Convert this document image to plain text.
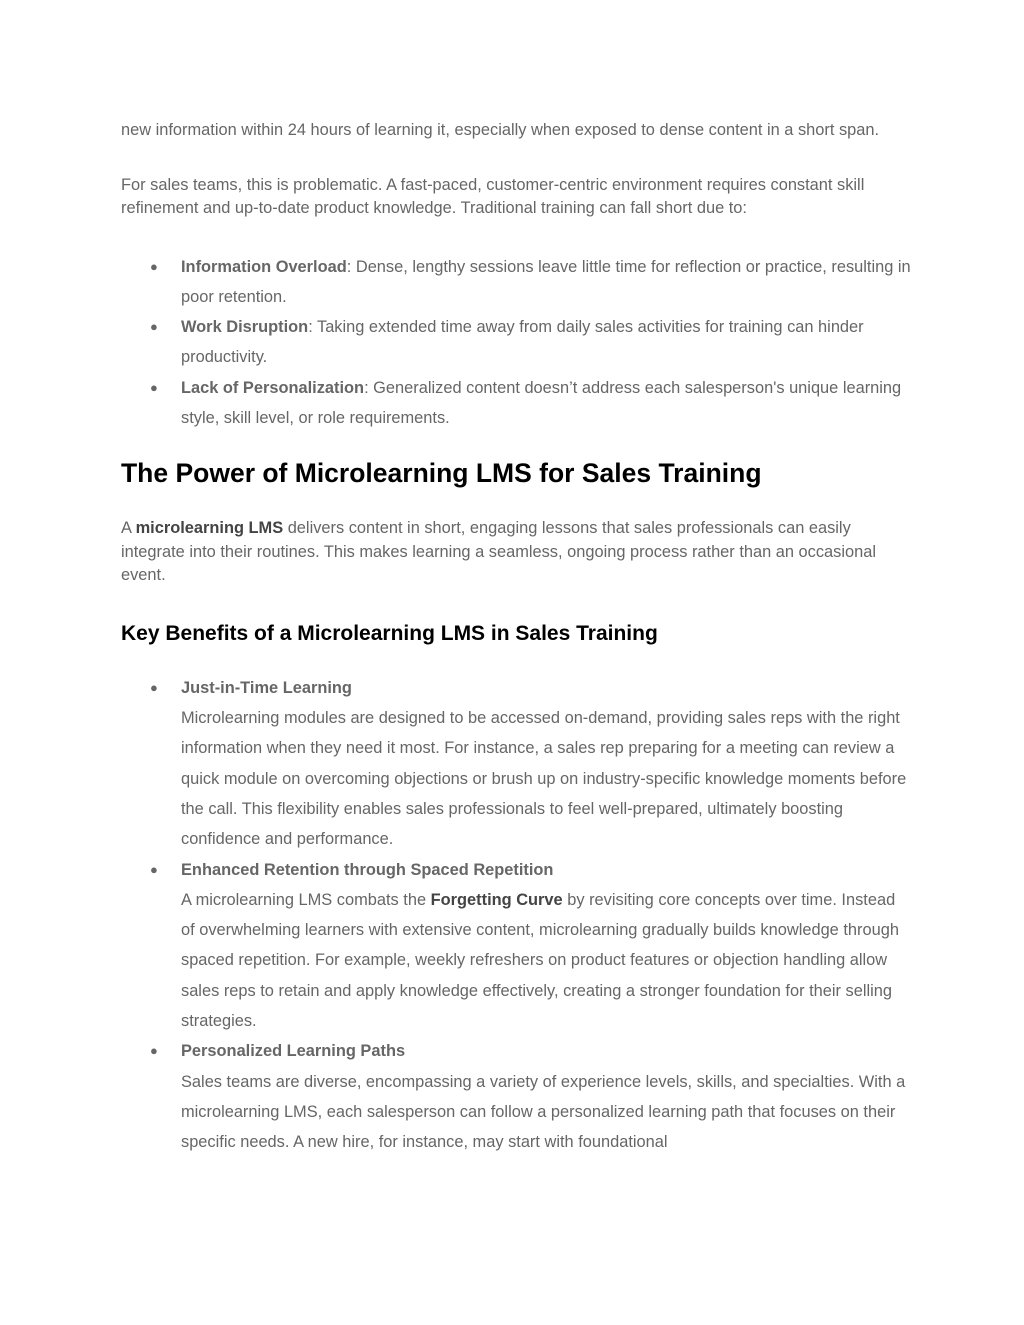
new information within 24 hours of learning it, especially when exposed to dense content in a short span.

For sales teams, this is problematic. A fast-paced, customer-centric environment requires constant skill refinement and up-to-date product knowledge. Traditional training can fall short due to:

● Information Overload: Dense, lengthy sessions leave little time for reflection or practice, resulting in poor retention.
● Work Disruption: Taking extended time away from daily sales activities for training can hinder productivity.
● Lack of Personalization: Generalized content doesn’t address each salesperson's unique learning style, skill level, or role requirements.
The Power of Microlearning LMS for Sales Training

A microlearning LMS delivers content in short, engaging lessons that sales professionals can easily integrate into their routines. This makes learning a seamless, ongoing process rather than an occasional event.

Key Benefits of a Microlearning LMS in Sales Training
● Just-in-Time Learning
Microlearning modules are designed to be accessed on-demand, providing sales reps with the right information when they need it most. For instance, a sales rep preparing for a meeting can review a quick module on overcoming objections or brush up on industry-specific knowledge moments before the call. This flexibility enables sales professionals to feel well-prepared, ultimately boosting confidence and performance.
● Enhanced Retention through Spaced Repetition
A microlearning LMS combats the Forgetting Curve by revisiting core concepts over time. Instead of overwhelming learners with extensive content, microlearning gradually builds knowledge through spaced repetition. For example, weekly refreshers on product features or objection handling allow sales reps to retain and apply knowledge effectively, creating a stronger foundation for their selling strategies.
● Personalized Learning Paths
Sales teams are diverse, encompassing a variety of experience levels, skills, and specialties. With a microlearning LMS, each salesperson can follow a personalized learning path that focuses on their specific needs. A new hire, for instance, may start with foundational
